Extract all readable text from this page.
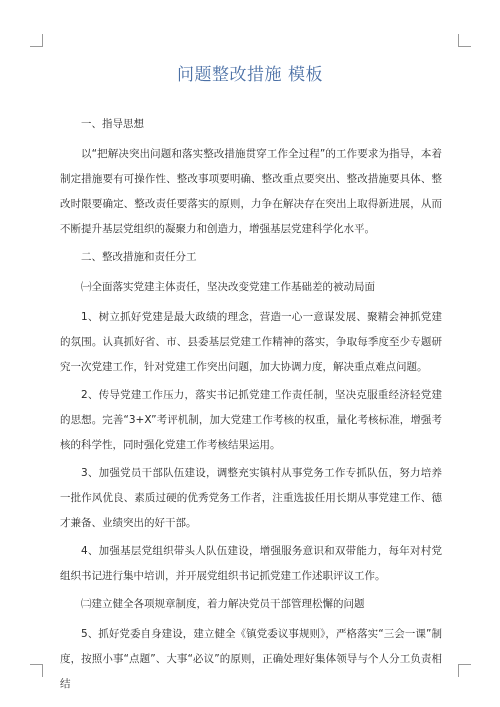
问题整改措施 模板

一、指导思想

以“把解决突出问题和落实整改措施贯穿工作全过程”的工作要求为指导，本着制定措施要有可操作性、整改事项要明确、整改重点要突出、整改措施要具体、整改时限要确定、整改责任要落实的原则，力争在解决存在突出上取得新进展，从而不断提升基层党组织的凝聚力和创造力，增强基层党建科学化水平。

二、整改措施和责任分工

㈠全面落实党建主体责任，坚决改变党建工作基础差的被动局面

1、树立抓好党建是最大政绩的理念，营造一心一意谋发展、聚精会神抓党建的氛围。认真抓好省、市、县委基层党建工作精神的落实，争取每季度至少专题研究一次党建工作，针对党建工作突出问题，加大协调力度，解决重点难点问题。

2、传导党建工作压力，落实书记抓党建工作责任制，坚决克服重经济轻党建的思想。完善“3+X”考评机制，加大党建工作考核的权重，量化考核标准，增强考核的科学性，同时强化党建工作考核结果运用。

3、加强党员干部队伍建设，调整充实镇村从事党务工作专抓队伍，努力培养一批作风优良、素质过硬的优秀党务工作者，注重选拔任用长期从事党建工作、德才兼备、业绩突出的好干部。

4、加强基层党组织带头人队伍建设，增强服务意识和双带能力，每年对村党组织书记进行集中培训，并开展党组织书记抓党建工作述职评议工作。

㈡建立健全各项规章制度，着力解决党员干部管理松懈的问题

5、抓好党委自身建设，建立健全《镇党委议事规则》，严格落实“三会一课”制度，按照小事“点题”、大事“必议”的原则，正确处理好集体领导与个人分工负责相结
